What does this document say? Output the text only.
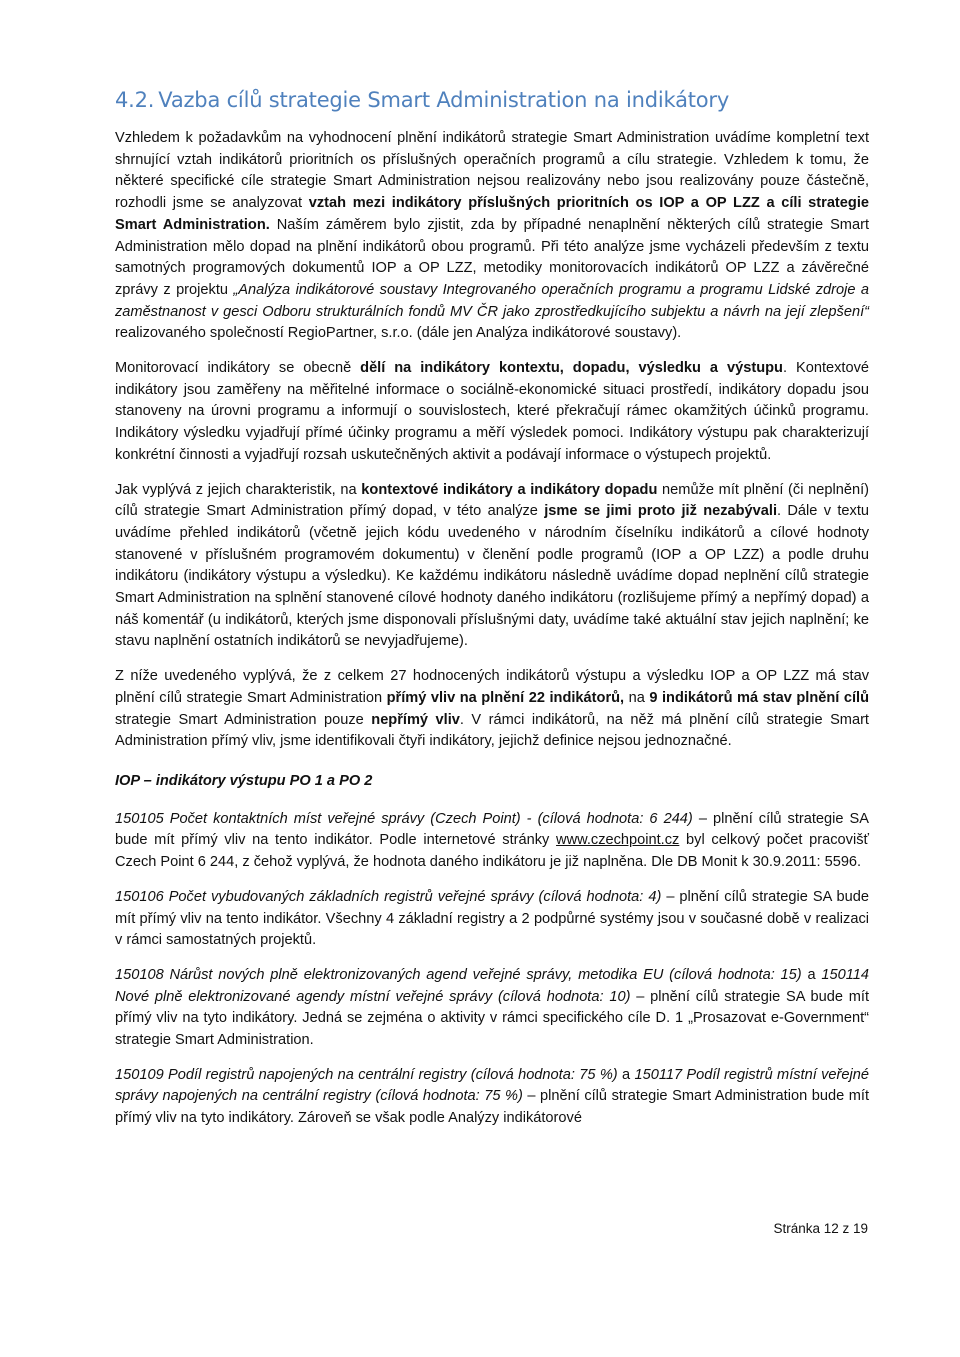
4.2. Vazba cílů strategie Smart Administration na indikátory

Vzhledem k požadavkům na vyhodnocení plnění indikátorů strategie Smart Administration uvádíme kompletní text shrnující vztah indikátorů prioritních os příslušných operačních programů a cílu strategie. Vzhledem k tomu, že některé specifické cíle strategie Smart Administration nejsou realizovány nebo jsou realizovány pouze částečně, rozhodli jsme se analyzovat vztah mezi indikátory příslušných prioritních os IOP a OP LZZ a cíli strategie Smart Administration. Naším záměrem bylo zjistit, zda by případné nenaplnění některých cílů strategie Smart Administration mělo dopad na plnění indikátorů obou programů. Při této analýze jsme vycházeli především z textu samotných programových dokumentů IOP a OP LZZ, metodiky monitorovacích indikátorů OP LZZ a závěrečné zprávy z projektu „Analýza indikátorové soustavy Integrovaného operačních programu a programu Lidské zdroje a zaměstnanost v gesci Odboru strukturálních fondů MV ČR jako zprostředkujícího subjektu a návrh na její zlepšení“ realizovaného společností RegioPartner, s.r.o. (dále jen Analýza indikátorové soustavy).

Monitorovací indikátory se obecně dělí na indikátory kontextu, dopadu, výsledku a výstupu. Kontextové indikátory jsou zaměřeny na měřitelné informace o sociálně-ekonomické situaci prostředí, indikátory dopadu jsou stanoveny na úrovni programu a informují o souvislostech, které překračují rámec okamžitých účinků programu. Indikátory výsledku vyjadřují přímé účinky programu a měří výsledek pomoci. Indikátory výstupu pak charakterizují konkrétní činnosti a vyjadřují rozsah uskutečněných aktivit a podávají informace o výstupech projektů.

Jak vyplývá z jejich charakteristik, na kontextové indikátory a indikátory dopadu nemůže mít plnění (či neplnění) cílů strategie Smart Administration přímý dopad, v této analýze jsme se jimi proto již nezabývali. Dále v textu uvádíme přehled indikátorů (včetně jejich kódu uvedeného v národním číselníku indikátorů a cílové hodnoty stanovené v příslušném programovém dokumentu) v členění podle programů (IOP a OP LZZ) a podle druhu indikátoru (indikátory výstupu a výsledku). Ke každému indikátoru následně uvádíme dopad neplnění cílů strategie Smart Administration na splnění stanovené cílové hodnoty daného indikátoru (rozlišujeme přímý a nepřímý dopad) a náš komentář (u indikátorů, kterých jsme disponovali příslušnými daty, uvádíme také aktuální stav jejich naplnění; ke stavu naplnění ostatních indikátorů se nevyjadřujeme).

Z níže uvedeného vyplývá, že z celkem 27 hodnocených indikátorů výstupu a výsledku IOP a OP LZZ má stav plnění cílů strategie Smart Administration přímý vliv na plnění 22 indikátorů, na 9 indikátorů má stav plnění cílů strategie Smart Administration pouze nepřímý vliv. V rámci indikátorů, na něž má plnění cílů strategie Smart Administration přímý vliv, jsme identifikovali čtyři indikátory, jejichž definice nejsou jednoznačné.

IOP – indikátory výstupu PO 1 a PO 2

150105 Počet kontaktních míst veřejné správy (Czech Point) - (cílová hodnota: 6 244) – plnění cílů strategie SA bude mít přímý vliv na tento indikátor. Podle internetové stránky www.czechpoint.cz byl celkový počet pracovišť Czech Point 6 244, z čehož vyplývá, že hodnota daného indikátoru je již naplněna. Dle DB Monit k 30.9.2011: 5596.

150106 Počet vybudovaných základních registrů veřejné správy (cílová hodnota: 4) – plnění cílů strategie SA bude mít přímý vliv na tento indikátor. Všechny 4 základní registry a 2 podpůrné systémy jsou v současné době v realizaci v rámci samostatných projektů.

150108 Nárůst nových plně elektronizovaných agend veřejné správy, metodika EU (cílová hodnota: 15) a 150114 Nové plně elektronizované agendy místní veřejné správy (cílová hodnota: 10) – plnění cílů strategie SA bude mít přímý vliv na tyto indikátory. Jedná se zejména o aktivity v rámci specifického cíle D. 1 „Prosazovat e-Government“ strategie Smart Administration.

150109 Podíl registrů napojených na centrální registry (cílová hodnota: 75 %) a 150117 Podíl registrů místní veřejné správy napojených na centrální registry (cílová hodnota: 75 %) – plnění cílů strategie Smart Administration bude mít přímý vliv na tyto indikátory. Zároveň se však podle Analýzy indikátorové

Stránka 12 z 19
